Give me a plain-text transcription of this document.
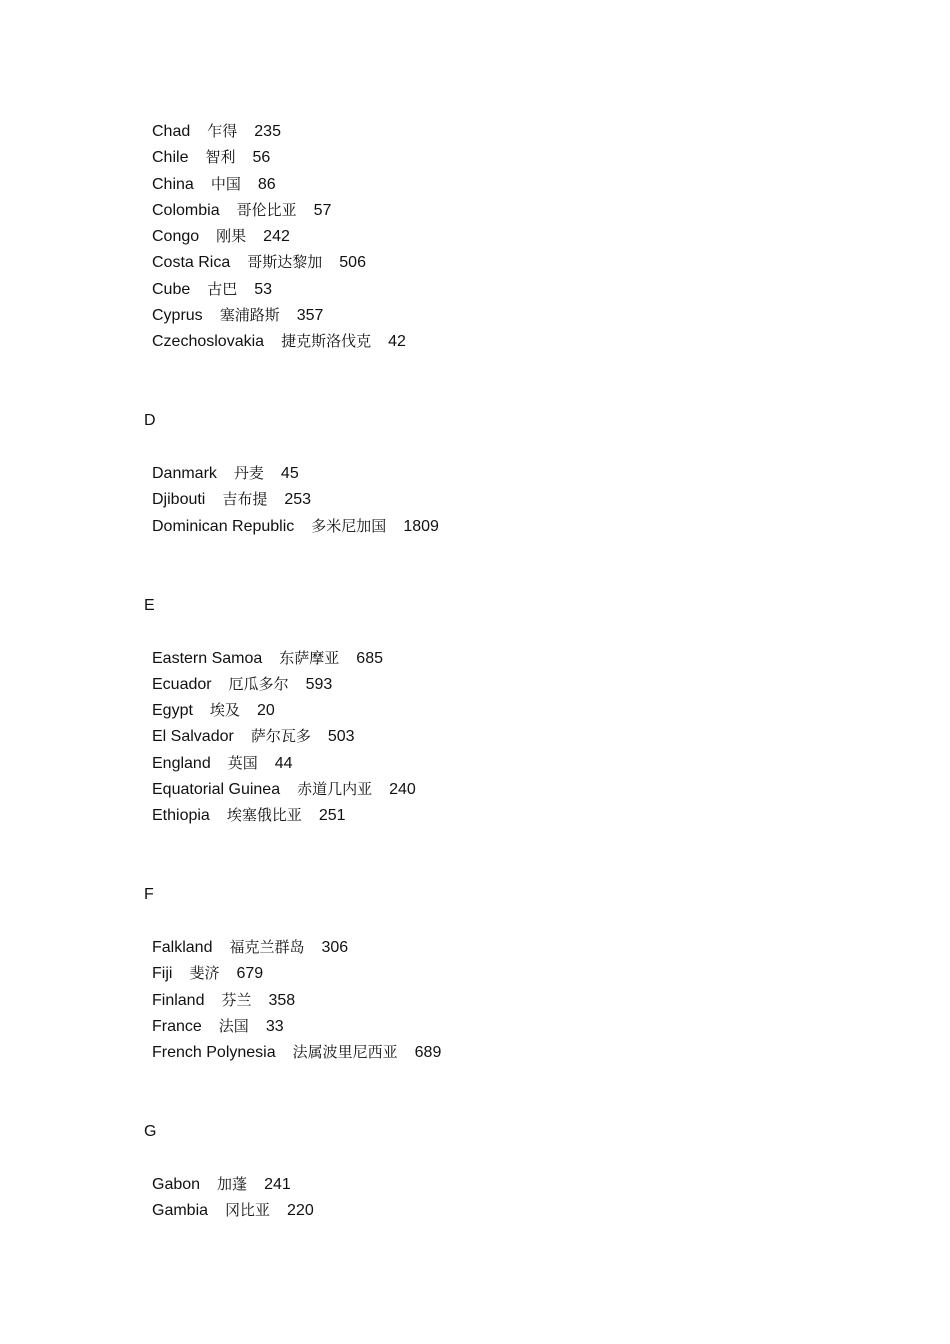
Chad 乍得 235
Chile 智利 56
China 中国 86
Colombia 哥伦比亚 57
Congo 刚果 242
Costa Rica 哥斯达黎加 506
Cube 古巴 53
Cyprus 塞浦路斯 357
Czechoslovakia 捷克斯洛伐克 42
D
Danmark 丹麦 45
Djibouti 吉布提 253
Dominican Republic 多米尼加国 1809
E
Eastern Samoa 东萨摩亚 685
Ecuador 厄瓜多尔 593
Egypt 埃及 20
El Salvador 萨尔瓦多 503
England 英国 44
Equatorial Guinea 赤道几内亚 240
Ethiopia 埃塞俄比亚 251
F
Falkland 福克兰群岛 306
Fiji 斐济 679
Finland 芬兰 358
France 法国 33
French Polynesia 法属波里尼西亚 689
G
Gabon 加蓬 241
Gambia 冈比亚 220
